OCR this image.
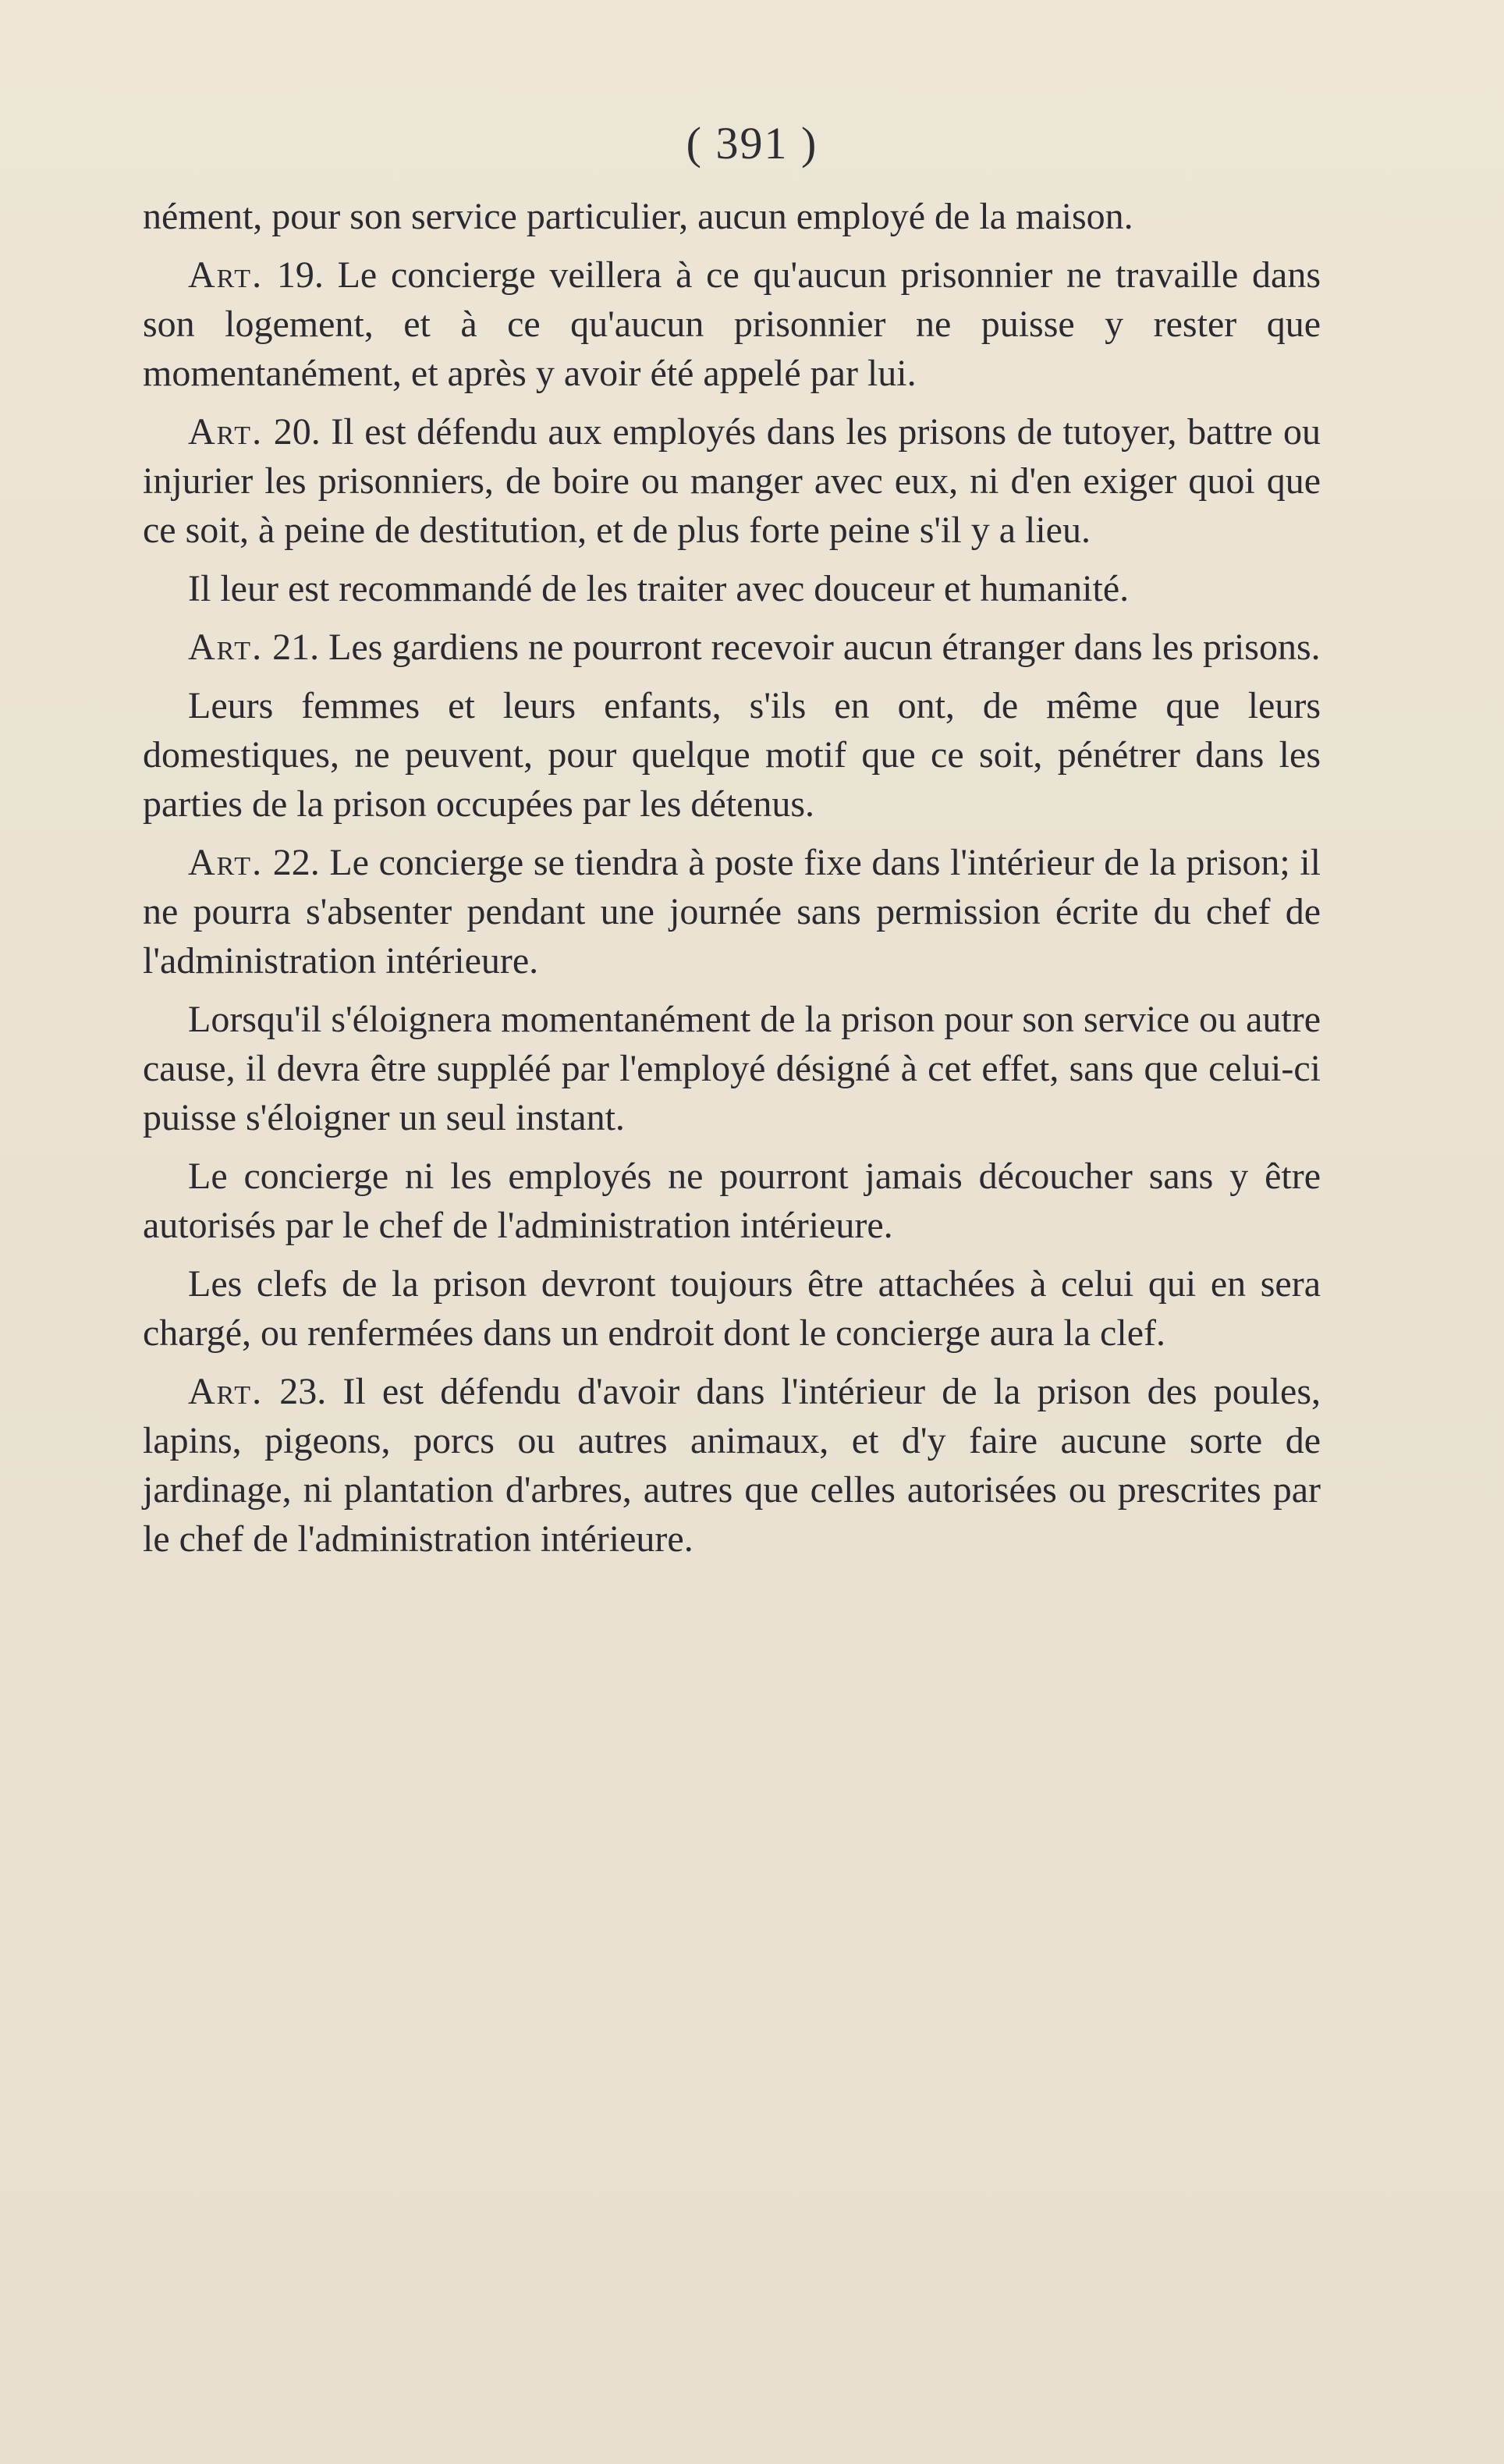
( 391 )

nément, pour son service particulier, aucun employé de la maison.

Art. 19. Le concierge veillera à ce qu'aucun prisonnier ne travaille dans son logement, et à ce qu'aucun prisonnier ne puisse y rester que momentanément, et après y avoir été appelé par lui.

Art. 20. Il est défendu aux employés dans les prisons de tutoyer, battre ou injurier les prisonniers, de boire ou manger avec eux, ni d'en exiger quoi que ce soit, à peine de destitution, et de plus forte peine s'il y a lieu.

Il leur est recommandé de les traiter avec douceur et humanité.

Art. 21. Les gardiens ne pourront recevoir aucun étranger dans les prisons.

Leurs femmes et leurs enfants, s'ils en ont, de même que leurs domestiques, ne peuvent, pour quelque motif que ce soit, pénétrer dans les parties de la prison occupées par les détenus.

Art. 22. Le concierge se tiendra à poste fixe dans l'intérieur de la prison; il ne pourra s'absenter pendant une journée sans permission écrite du chef de l'administration intérieure.

Lorsqu'il s'éloignera momentanément de la prison pour son service ou autre cause, il devra être suppléé par l'employé désigné à cet effet, sans que celui-ci puisse s'éloigner un seul instant.

Le concierge ni les employés ne pourront jamais découcher sans y être autorisés par le chef de l'administration intérieure.

Les clefs de la prison devront toujours être attachées à celui qui en sera chargé, ou renfermées dans un endroit dont le concierge aura la clef.

Art. 23. Il est défendu d'avoir dans l'intérieur de la prison des poules, lapins, pigeons, porcs ou autres animaux, et d'y faire aucune sorte de jardinage, ni plantation d'arbres, autres que celles autorisées ou prescrites par le chef de l'administration intérieure.
